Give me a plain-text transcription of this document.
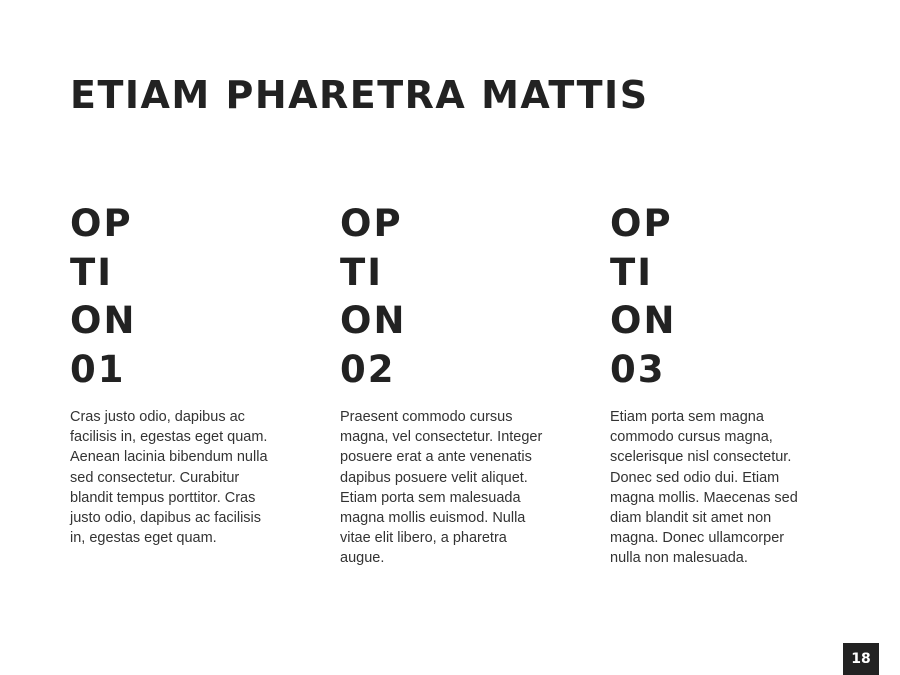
ETIAM PHARETRA MATTIS
OP
TI
ON
01

Cras justo odio, dapibus ac facilisis in, egestas eget quam. Aenean lacinia bibendum nulla sed consectetur. Curabitur blandit tempus porttitor. Cras justo odio, dapibus ac facilisis in, egestas eget quam.

OP
TI
ON
02

Praesent commodo cursus magna, vel consectetur. Integer posuere erat a ante venenatis dapibus posuere velit aliquet. Etiam porta sem malesuada magna mollis euismod. Nulla vitae elit libero, a pharetra augue.

OP
TI
ON
03

Etiam porta sem magna commodo cursus magna, scelerisque nisl consectetur. Donec sed odio dui. Etiam magna mollis. Maecenas sed diam blandit sit amet non magna. Donec ullamcorper nulla non malesuada.

18
